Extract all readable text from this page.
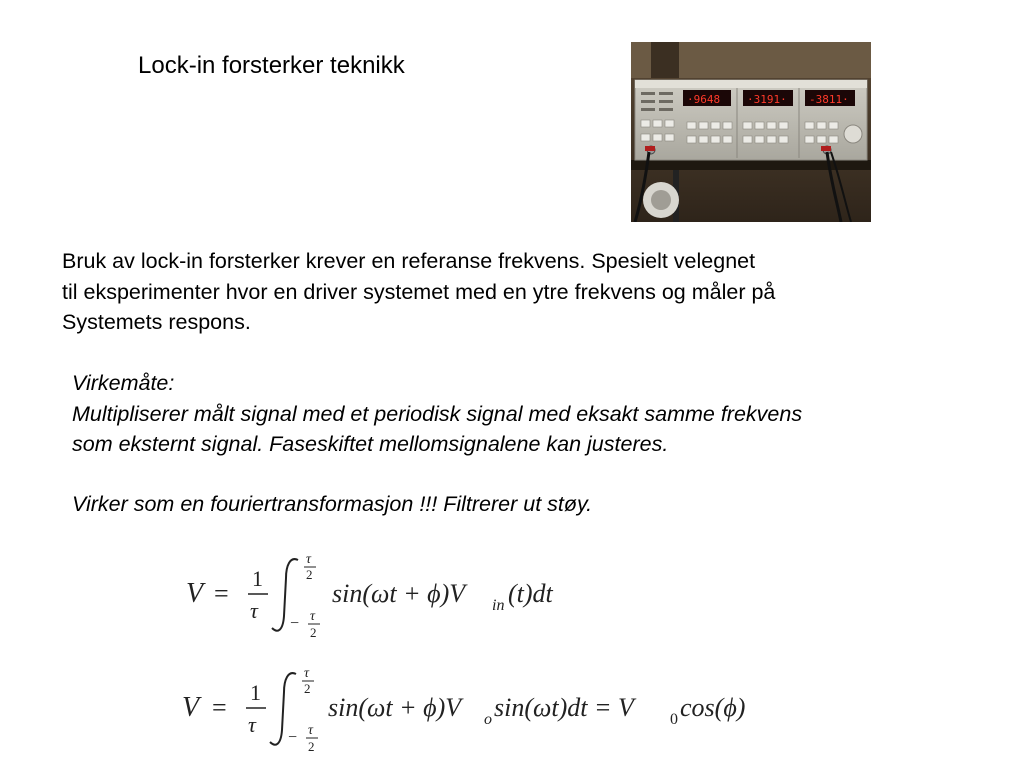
Lock-in forsterker teknikk
·9648 ·3191· -3811·
Bruk av lock-in forsterker krever en referanse frekvens. Spesielt velegnet
til eksperimenter hvor en driver systemet med en ytre frekvens og måler på
Systemets respons.
Virkemåte:
Multipliserer målt signal med et periodisk signal med eksakt samme frekvens
som eksternt signal. Faseskiftet mellomsignalene kan justeres.
Virker som en fouriertransformasjon !!! Filtrerer ut støy.
V =
1
τ
τ
2
− τ
2
sin(ωt + ϕ)V in (t)dt
V =
1
τ
τ
2
− τ
2
sin(ωt + ϕ)V o sin(ωt)dt = V 0 cos(ϕ)
